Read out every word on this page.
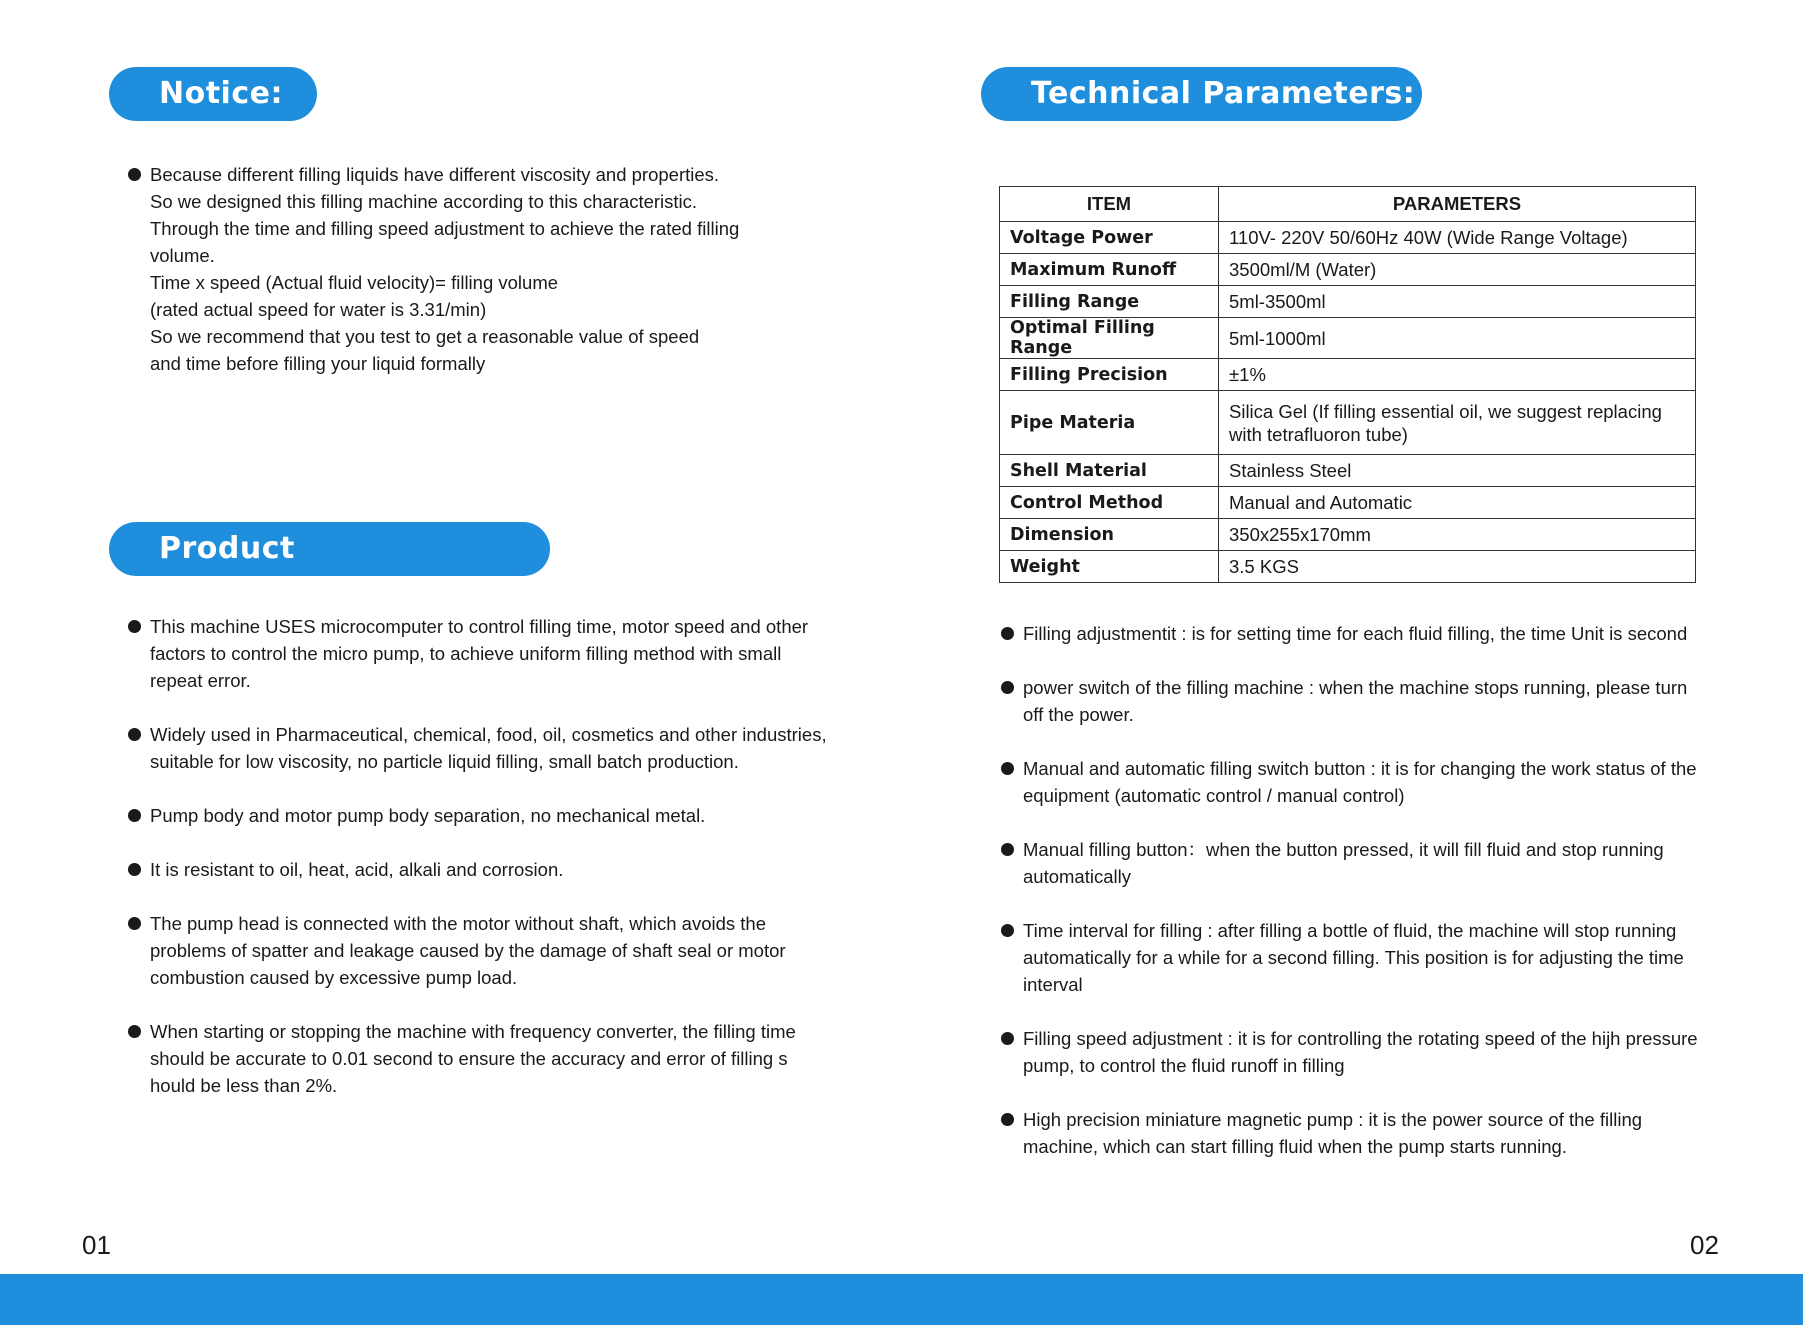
Notice:

Because different filling liquids have different viscosity and properties.

So we designed this filling machine according to this characteristic.

Through the time and filling speed adjustment to achieve the rated filling

volume.

Time x speed (Actual fluid velocity)= filling volume

(rated actual speed for water is 3.31/min)

So we recommend that you test to get a reasonable value of speed

and time before filling your liquid formally

Product Introductions:
This machine USES microcomputer to control filling time, motor speed and other factors to control the micro pump, to achieve uniform filling method with small repeat error.
Widely used in Pharmaceutical, chemical, food, oil, cosmetics and other industries, suitable for low viscosity, no particle liquid filling, small batch production.
Pump body and motor pump body separation, no mechanical metal.
It is resistant to oil, heat, acid, alkali and corrosion.
The pump head is connected with the motor without shaft, which avoids the problems of spatter and leakage caused by the damage of shaft seal or motor combustion caused by excessive pump load.
When starting or stopping the machine with frequency converter, the filling time should be accurate to 0.01 second to ensure the accuracy and error of filling s hould be less than 2%.
01
Technical Parameters:
ITEM	PARAMETERS
Voltage Power	110V- 220V 50/60Hz 40W (Wide Range Voltage)
Maximum Runoff	3500ml/M (Water)
Filling Range	5ml-3500ml
Optimal Filling Range	5ml-1000ml
Filling Precision	±1%
Pipe Materia	Silica Gel (If filling essential oil, we suggest replacing with tetrafluoron tube)
Shell Material	Stainless Steel
Control Method	Manual and Automatic
Dimension	350x255x170mm
Weight	3.5 KGS
Filling adjustmentit : is for setting time for each fluid filling, the time Unit is second
power switch of the filling machine : when the machine stops running, please turn off the power.
Manual and automatic filling switch button : it is for changing the work status of the equipment (automatic control / manual control)
Manual filling button：when the button pressed, it will fill fluid and stop running automatically
Time interval for filling : after filling a bottle of fluid, the machine will stop running automatically for a while for a second filling. This position is for adjusting the time interval
Filling speed adjustment : it is for controlling the rotating speed of the hijh pressure pump, to control the fluid runoff in filling
High precision miniature magnetic pump : it is the power source of the filling machine, which can start filling fluid when the pump starts running.
02
